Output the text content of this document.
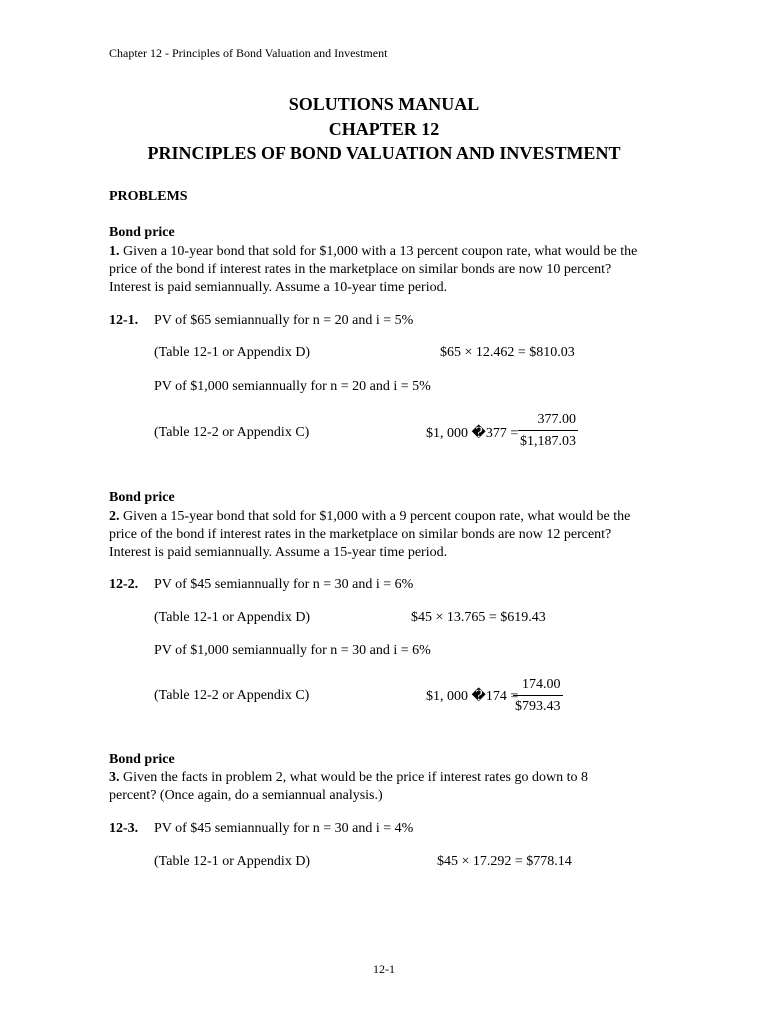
Chapter 12 - Principles of Bond Valuation and Investment
SOLUTIONS MANUAL
CHAPTER 12
PRINCIPLES OF BOND VALUATION AND INVESTMENT
PROBLEMS
Bond price
1. Given a 10-year bond that sold for $1,000 with a 13 percent coupon rate, what would be the
price of the bond if interest rates in the marketplace on similar bonds are now 10 percent?
Interest is paid semiannually. Assume a 10-year time period.
12-1. PV of $65 semiannually for n = 20 and i = 5%
(Table 12-1 or Appendix D)	$65 × 12.462 = $810.03
PV of $1,000 semiannually for n = 20 and i = 5%
(Table 12-2 or Appendix C)	$1, 000 �377 = $\frac{377.00}{\$1,187.03}$
Bond price
2. Given a 15-year bond that sold for $1,000 with a 9 percent coupon rate, what would be the
price of the bond if interest rates in the marketplace on similar bonds are now 12 percent?
Interest is paid semiannually. Assume a 15-year time period.
12-2. PV of $45 semiannually for n = 30 and i = 6%
(Table 12-1 or Appendix D)	$45 × 13.765 = $619.43
PV of $1,000 semiannually for n = 30 and i = 6%
(Table 12-2 or Appendix C)	$1, 000 �174 =
$\frac{174.00}{\$793.43}$
Bond price
3. Given the facts in problem 2, what would be the price if interest rates go down to 8
percent? (Once again, do a semiannual analysis.)
12-3. PV of $45 semiannually for n = 30 and i = 4%
(Table 12-1 or Appendix D)	$45 × 17.292 = $778.14
12-1
